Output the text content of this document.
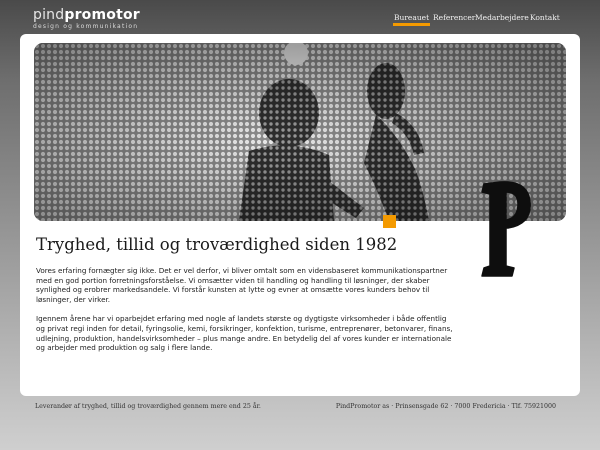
pindpromotor
design og kommunikation
Bureauet Referencer Medarbejdere Kontakt
Tryghed, tillid og troværdighed siden 1982

Vores erfaring fornægter sig ikke. Det er vel derfor, vi bliver omtalt som en vidensbaseret kommunikationspartner med en god portion forretningsforståelse. Vi omsætter viden til handling og handling til løsninger, der skaber synlighed og erobrer markedsandele. Vi forstår kunsten at lytte og evner at omsætte vores kunders behov til løsninger, der virker.

Igennem årene har vi oparbejdet erfaring med nogle af landets største og dygtigste virksomheder i både offentlig og privat regi inden for detail, fyringsolie, kemi, forsikringer, konfektion, turisme, entreprenører, betonvarer, finans, udlejning, produktion, handelsvirksomheder – plus mange andre. En betydelig del af vores kunder er internationale og arbejder med produktion og salg i flere lande.

Leverandør af tryghed, tillid og troværdighed gennem mere end 25 år.	PindPromotor as · Prinsensgade 62 · 7000 Fredericia · Tlf. 75921000
